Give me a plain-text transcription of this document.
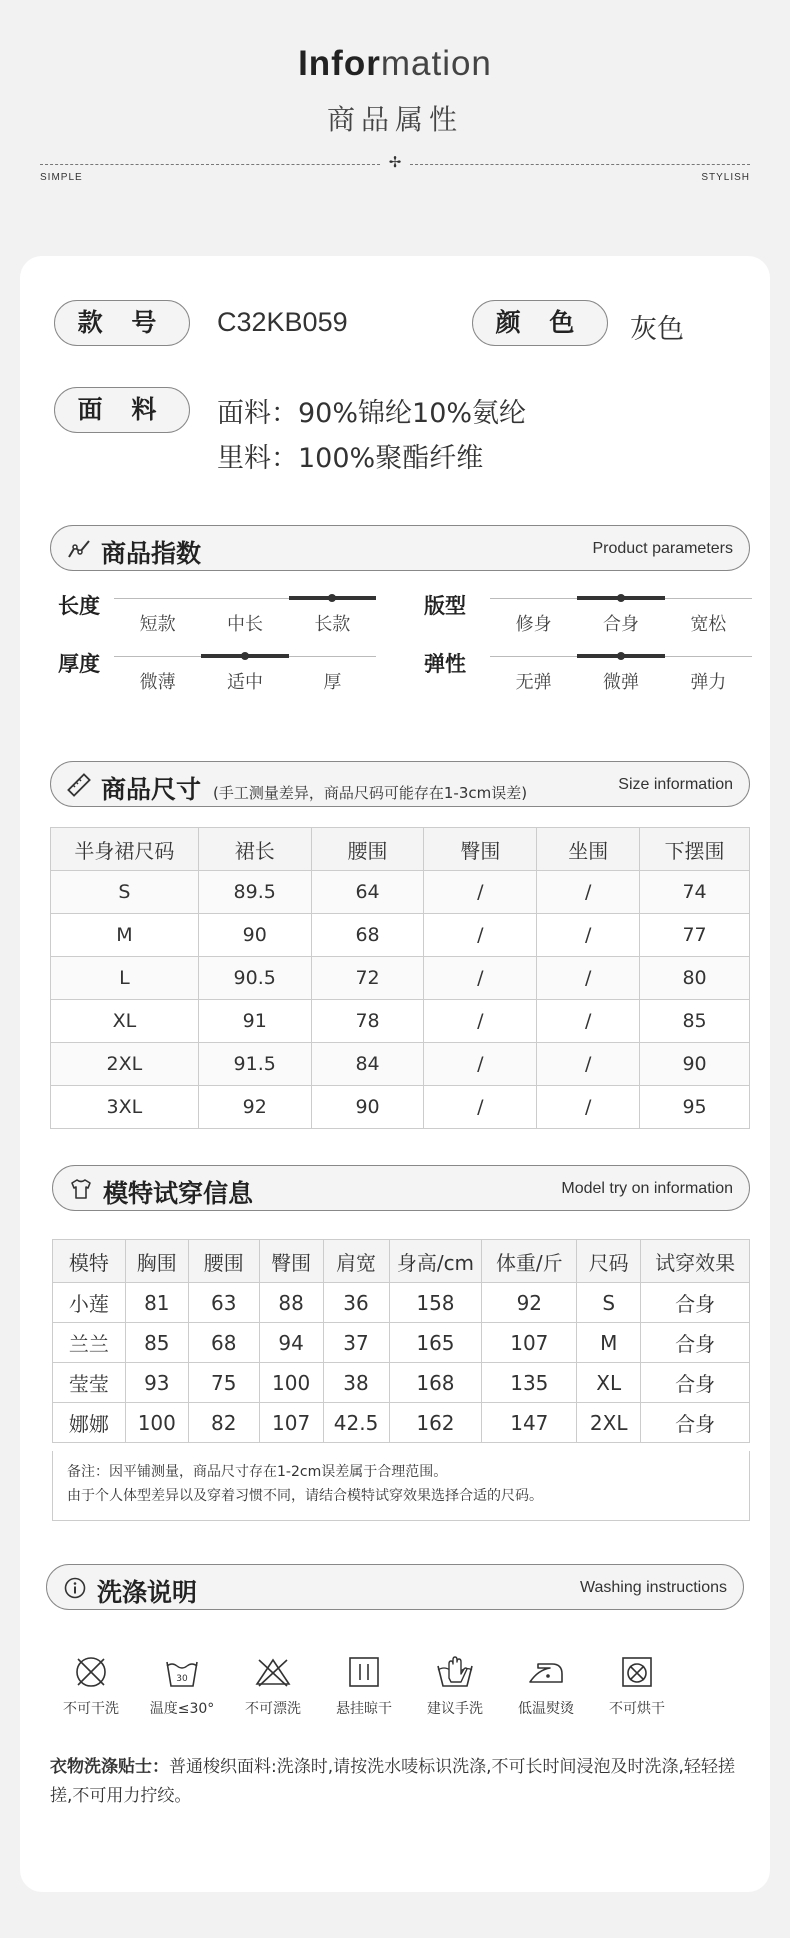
Information
商品属性
✢
SIMPLE	STYLISH
款 号	C32KB059	颜 色	灰色
面 料	面料：90%锦纶10%氨纶
里料：100%聚酯纤维
商品指数	Product parameters
长度
短款	中长	长款
版型
修身	合身	宽松
厚度
微薄	适中	厚
弹性
无弹	微弹	弹力
商品尺寸 (手工测量差异，商品尺码可能存在1-3cm误差)	Size information
半身裙尺码	裙长	腰围	臀围	坐围	下摆围
S	89.5	64	/	/	74
M	90	68	/	/	77
L	90.5	72	/	/	80
XL	91	78	/	/	85
2XL	91.5	84	/	/	90
3XL	92	90	/	/	95
模特试穿信息	Model try on information
模特	胸围	腰围	臀围	肩宽	身高/cm	体重/斤	尺码	试穿效果
小莲	81	63	88	36	158	92	S	合身
兰兰	85	68	94	37	165	107	M	合身
莹莹	93	75	100	38	168	135	XL	合身
娜娜	100	82	107	42.5	162	147	2XL	合身
备注：因平铺测量，商品尺寸存在1-2cm误差属于合理范围。
由于个人体型差异以及穿着习惯不同，请结合模特试穿效果选择合适的尺码。
洗涤说明	Washing instructions
不可干洗
30
温度≤30°	不可漂洗	悬挂晾干	建议手洗	低温熨烫	不可烘干
衣物洗涤贴士：普通梭织面料:洗涤时,请按洗水唛标识洗涤,不可长时间浸泡及时洗涤,轻轻搓搓,不可用力拧绞。
